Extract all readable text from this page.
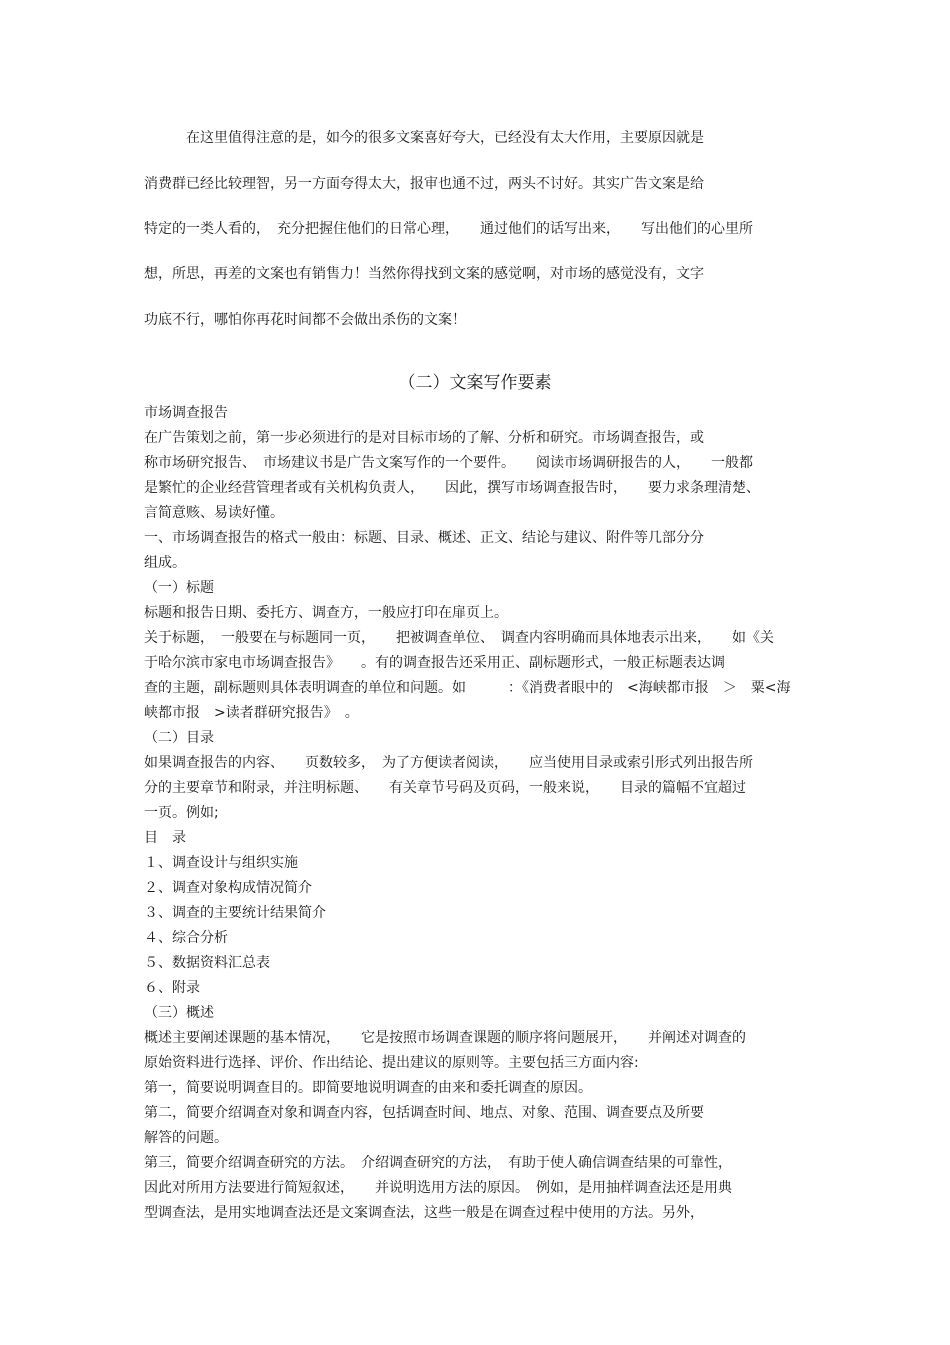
在这里值得注意的是，如今的很多文案喜好夸大，已经没有太大作用，主要原因就是
消费群已经比较理智，另一方面夸得太大，报审也通不过，两头不讨好。其实广告文案是给
特定的一类人看的，　充分把握住他们的日常心理，　　通过他们的话写出来，　　写出他们的心里所
想，所思，再差的文案也有销售力！当然你得找到文案的感觉啊，对市场的感觉没有，文字
功底不行，哪怕你再花时间都不会做出杀伤的文案！
（二）文案写作要素
市场调查报告
在广告策划之前，第一步必须进行的是对目标市场的了解、分析和研究。市场调查报告，或
称市场研究报告、　市场建议书是广告文案写作的一个要件。　　阅读市场调研报告的人，　　一般都
是繁忙的企业经营管理者或有关机构负责人，　　因此，撰写市场调查报告时，　　要力求条理清楚、
言简意赅、易读好懂。
一、市场调查报告的格式一般由：标题、目录、概述、正文、结论与建议、附件等几部分分
组成。
（一）标题
标题和报告日期、委托方、调查方，一般应打印在扉页上。
关于标题，　一般要在与标题同一页，　　把被调查单位、　调查内容明确而具体地表示出来，　　如《关
于哈尔滨市家电市场调查报告》　　。有的调查报告还采用正、副标题形式，一般正标题表达调
查的主题，副标题则具体表明调查的单位和问题。如　　　：《消费者眼中的　<海峡都市报　＞　粟<海
峡都市报　>读者群研究报告》　。
（二）目录
如果调查报告的内容、　　页数较多，　为了方便读者阅读，　　应当使用目录或索引形式列出报告所
分的主要章节和附录，并注明标题、　　有关章节号码及页码，一般来说，　　目录的篇幅不宜超过
一页。例如;
目　录
１、调查设计与组织实施
２、调查对象构成情况简介
３、调查的主要统计结果简介
４、综合分析
５、数据资料汇总表
６、附录
（三）概述
概述主要阐述课题的基本情况，　　它是按照市场调查课题的顺序将问题展开，　　并阐述对调查的
原始资料进行选择、评价、作出结论、提出建议的原则等。主要包括三方面内容:
第一，简要说明调查目的。即简要地说明调查的由来和委托调查的原因。
第二，简要介绍调查对象和调查内容，包括调查时间、地点、对象、范围、调查要点及所要
解答的问题。
第三，简要介绍调查研究的方法。　介绍调查研究的方法，　有助于使人确信调查结果的可靠性，
因此对所用方法要进行简短叙述，　　并说明选用方法的原因。　例如，是用抽样调查法还是用典
型调查法，是用实地调查法还是文案调查法，这些一般是在调查过程中使用的方法。另外，
